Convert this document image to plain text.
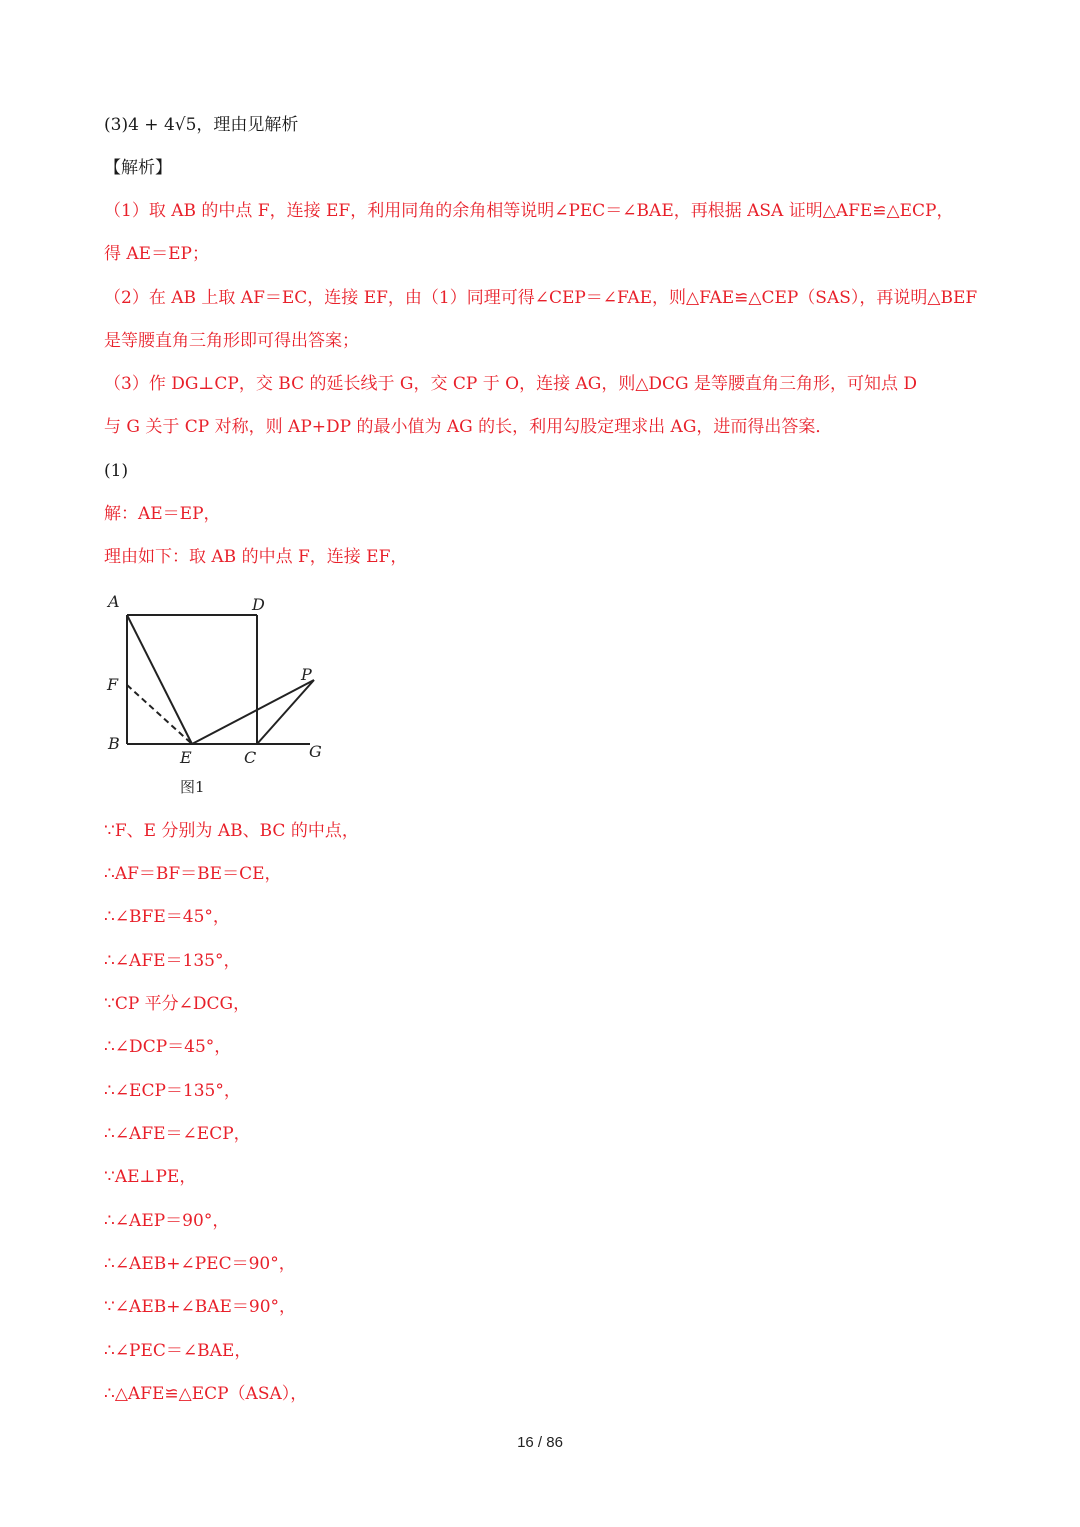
(3)4 + 4√5，理由见解析
【解析】
（1）取 AB 的中点 F，连接 EF，利用同角的余角相等说明∠PEC＝∠BAE，再根据 ASA 证明△AFE≌△ECP，
得 AE＝EP；
（2）在 AB 上取 AF＝EC，连接 EF，由（1）同理可得∠CEP＝∠FAE，则△FAE≌△CEP（SAS），再说明△BEF
是等腰直角三角形即可得出答案；
（3）作 DG⊥CP，交 BC 的延长线于 G，交 CP 于 O，连接 AG，则△DCG 是等腰直角三角形，可知点 D
与 G 关于 CP 对称，则 AP+DP 的最小值为 AG 的长，利用勾股定理求出 AG，进而得出答案．
(1)
解：AE＝EP，
理由如下：取 AB 的中点 F，连接 EF，
A	D
F
P
B
E	C	G
图1
∵F、E 分别为 AB、BC 的中点，
∴AF＝BF＝BE＝CE，
∴∠BFE＝45°，
∴∠AFE＝135°，
∵CP 平分∠DCG，
∴∠DCP＝45°，
∴∠ECP＝135°，
∴∠AFE＝∠ECP，
∵AE⊥PE，
∴∠AEP＝90°，
∴∠AEB+∠PEC＝90°，
∵∠AEB+∠BAE＝90°，
∴∠PEC＝∠BAE，
∴△AFE≌△ECP（ASA），
16 / 86
